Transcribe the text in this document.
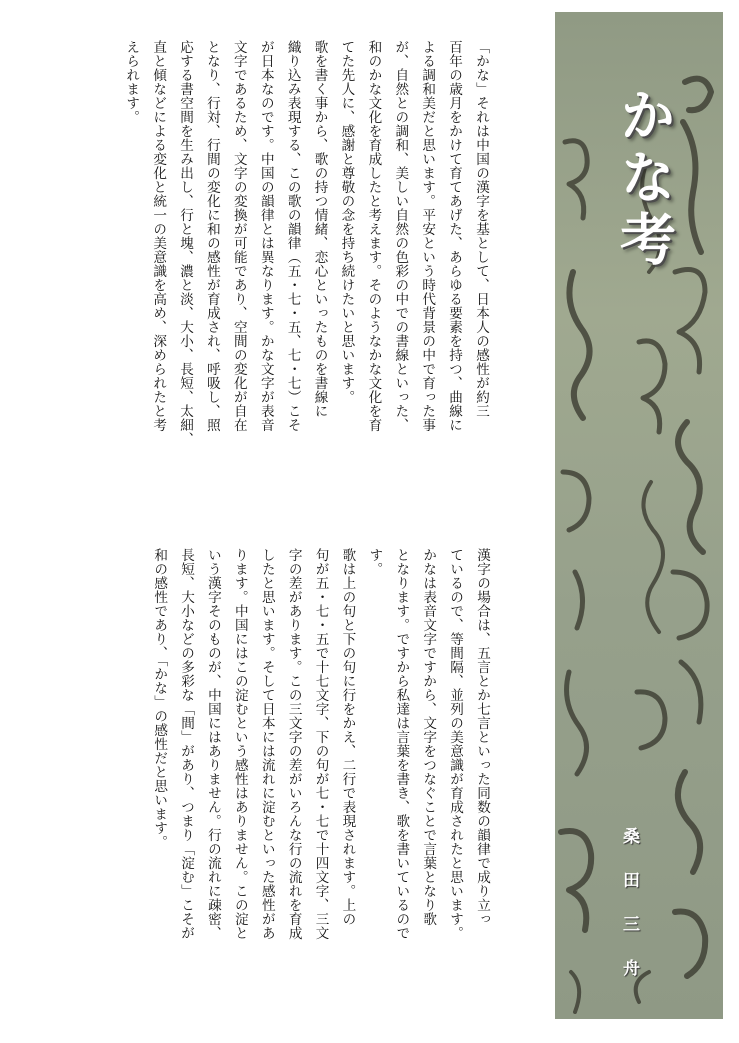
「かな」それは中国の漢字を基として、日本人の感性が約三
百年の歳月をかけて育てあげた、あらゆる要素を持つ、曲線に
よる調和美だと思います。平安という時代背景の中で育った事
が、自然との調和、美しい自然の色彩の中での書線といった、
和のかな文化を育成したと考えます。そのようなかな文化を育
てた先人に、感謝と尊敬の念を持ち続けたいと思います。
歌を書く事から、歌の持つ情緒、恋心といったものを書線に
織り込み表現する、この歌の韻律（五・七・五、七・七）こそ
が日本なのです。中国の韻律とは異なります。かな文字が表音
文字であるため、文字の変換が可能であり、空間の変化が自在
となり、行対、行間の変化に和の感性が育成され、呼吸し、照
応する書空間を生み出し、行と塊、濃と淡、大小、長短、太細、
直と傾などによる変化と統一の美意識を高め、深められたと考
えられます。
漢字の場合は、五言とか七言といった同数の韻律で成り立っ
ているので、等間隔、並列の美意識が育成されたと思います。
かなは表音文字ですから、文字をつなぐことで言葉となり歌
となります。ですから私達は言葉を書き、歌を書いているので
す。
歌は上の句と下の句に行をかえ、二行で表現されます。上の
句が五・七・五で十七文字、下の句が七・七で十四文字、三文
字の差があります。この三文字の差がいろんな行の流れを育成
したと思います。そして日本には流れに淀むといった感性があ
ります。中国にはこの淀むという感性はありません。この淀と
いう漢字そのものが、中国にはありません。行の流れに疎密、
長短、大小などの多彩な「間」があり、つまり「淀む」こそが
和の感性であり、「かな」の感性だと思います。
かな考
桑田三舟
